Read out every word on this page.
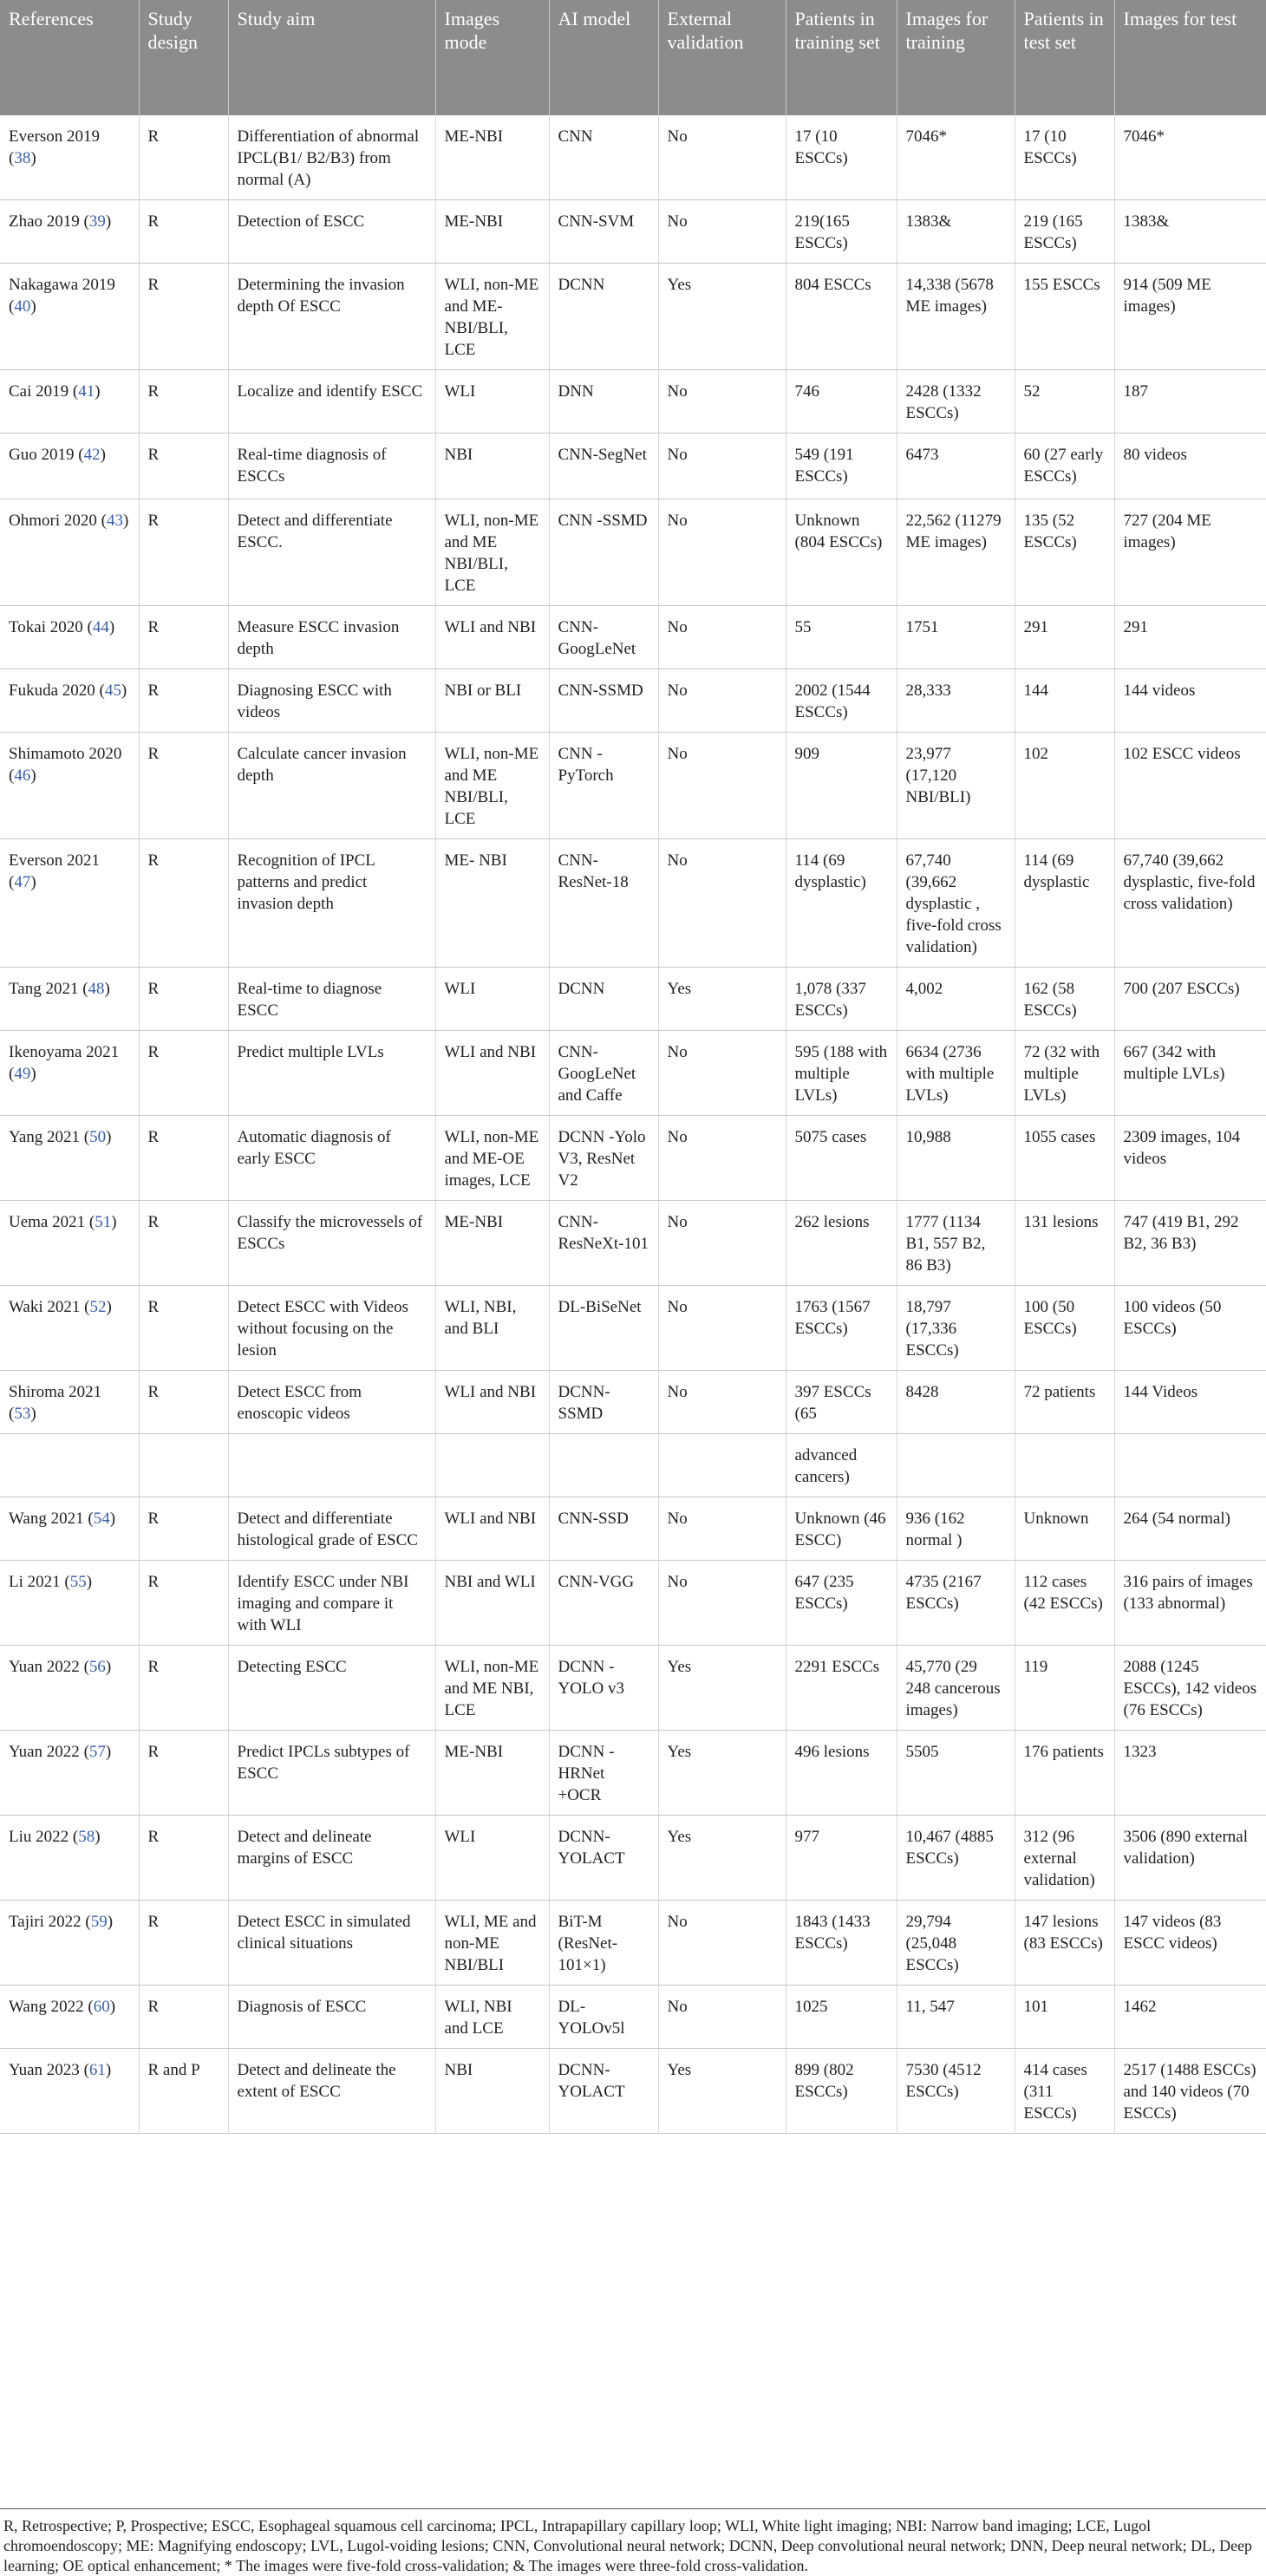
References	Study design	Study aim	Images mode	AI model	External validation	Patients in training set	Images for training	Patients in test set	Images for test
Everson 2019 (38)	R	Differentiation of abnormal IPCL(B1/ B2/B3) from normal (A)	ME-NBI	CNN	No	17 (10 ESCCs)	7046*	17 (10 ESCCs)	7046*
Zhao 2019 (39)	R	Detection of ESCC	ME-NBI	CNN-SVM	No	219(165 ESCCs)	1383&	219 (165 ESCCs)	1383&
Nakagawa 2019 (40)	R	Determining the invasion depth Of ESCC	WLI, non-ME and ME-NBI/BLI, LCE	DCNN	Yes	804 ESCCs	14,338 (5678 ME images)	155 ESCCs	914 (509 ME images)
Cai 2019 (41)	R	Localize and identify ESCC	WLI	DNN	No	746	2428 (1332 ESCCs)	52	187
Guo 2019 (42)	R	Real-time diagnosis of ESCCs	NBI	CNN-SegNet	No	549 (191 ESCCs)	6473	60 (27 early ESCCs)	80 videos
Ohmori 2020 (43)	R	Detect and differentiate ESCC.	WLI, non-ME and ME NBI/BLI, LCE	CNN -SSMD	No	Unknown (804 ESCCs)	22,562 (11279 ME images)	135 (52 ESCCs)	727 (204 ME images)
Tokai 2020 (44)	R	Measure ESCC invasion depth	WLI and NBI	CNN-GoogLeNet	No	55	1751	291	291
Fukuda 2020 (45)	R	Diagnosing ESCC with videos	NBI or BLI	CNN-SSMD	No	2002 (1544 ESCCs)	28,333	144	144 videos
Shimamoto 2020 (46)	R	Calculate cancer invasion depth	WLI, non-ME and ME NBI/BLI, LCE	CNN -PyTorch	No	909	23,977 (17,120 NBI/BLI)	102	102 ESCC videos
Everson 2021 (47)	R	Recognition of IPCL patterns and predict invasion depth	ME- NBI	CNN-ResNet-18	No	114 (69 dysplastic)	67,740 (39,662 dysplastic , five-fold cross validation)	114 (69 dysplastic	67,740 (39,662 dysplastic, five-fold cross validation)
Tang 2021 (48)	R	Real-time to diagnose ESCC	WLI	DCNN	Yes	1,078 (337 ESCCs)	4,002	162 (58 ESCCs)	700 (207 ESCCs)
Ikenoyama 2021 (49)	R	Predict multiple LVLs	WLI and NBI	CNN-GoogLeNet and Caffe	No	595 (188 with multiple LVLs)	6634 (2736 with multiple LVLs)	72 (32 with multiple LVLs)	667 (342 with multiple LVLs)
Yang 2021 (50)	R	Automatic diagnosis of early ESCC	WLI, non-ME and ME-OE images, LCE	DCNN -Yolo V3, ResNet V2	No	5075 cases	10,988	1055 cases	2309 images, 104 videos
Uema 2021 (51)	R	Classify the microvessels of ESCCs	ME-NBI	CNN-ResNeXt-101	No	262 lesions	1777 (1134 B1, 557 B2, 86 B3)	131 lesions	747 (419 B1, 292 B2, 36 B3)
Waki 2021 (52)	R	Detect ESCC with Videos without focusing on the lesion	WLI, NBI, and BLI	DL-BiSeNet	No	1763 (1567 ESCCs)	18,797 (17,336 ESCCs)	100 (50 ESCCs)	100 videos (50 ESCCs)
Shiroma 2021 (53)	R	Detect ESCC from enoscopic videos	WLI and NBI	DCNN-SSMD	No	397 ESCCs (65	8428	72 patients	144 Videos
						advanced cancers)			
Wang 2021 (54)	R	Detect and differentiate histological grade of ESCC	WLI and NBI	CNN-SSD	No	Unknown (46 ESCC)	936 (162 normal )	Unknown	264 (54 normal)
Li 2021 (55)	R	Identify ESCC under NBI imaging and compare it with WLI	NBI and WLI	CNN-VGG	No	647 (235 ESCCs)	4735 (2167 ESCCs)	112 cases (42 ESCCs)	316 pairs of images (133 abnormal)
Yuan 2022 (56)	R	Detecting ESCC	WLI, non-ME and ME NBI, LCE	DCNN -YOLO v3	Yes	2291 ESCCs	45,770 (29 248 cancerous images)	119	2088 (1245 ESCCs), 142 videos (76 ESCCs)
Yuan 2022 (57)	R	Predict IPCLs subtypes of ESCC	ME-NBI	DCNN -HRNet +OCR	Yes	496 lesions	5505	176 patients	1323
Liu 2022 (58)	R	Detect and delineate margins of ESCC	WLI	DCNN-YOLACT	Yes	977	10,467 (4885 ESCCs)	312 (96 external validation)	3506 (890 external validation)
Tajiri 2022 (59)	R	Detect ESCC in simulated clinical situations	WLI, ME and non-ME NBI/BLI	BiT-M (ResNet-101×1)	No	1843 (1433 ESCCs)	29,794 (25,048 ESCCs)	147 lesions (83 ESCCs)	147 videos (83 ESCC videos)
Wang 2022 (60)	R	Diagnosis of ESCC	WLI, NBI and LCE	DL-YOLOv5l	No	1025	11, 547	101	1462
Yuan 2023 (61)	R and P	Detect and delineate the extent of ESCC	NBI	DCNN-YOLACT	Yes	899 (802 ESCCs)	7530 (4512 ESCCs)	414 cases (311 ESCCs)	2517 (1488 ESCCs) and 140 videos (70 ESCCs)
R, Retrospective; P, Prospective; ESCC, Esophageal squamous cell carcinoma; IPCL, Intrapapillary capillary loop; WLI, White light imaging; NBI: Narrow band imaging; LCE, Lugol chromoendoscopy; ME: Magnifying endoscopy; LVL, Lugol-voiding lesions; CNN, Convolutional neural network; DCNN, Deep convolutional neural network; DNN, Deep neural network; DL, Deep learning; OE optical enhancement; * The images were five-fold cross-validation; & The images were three-fold cross-validation.
